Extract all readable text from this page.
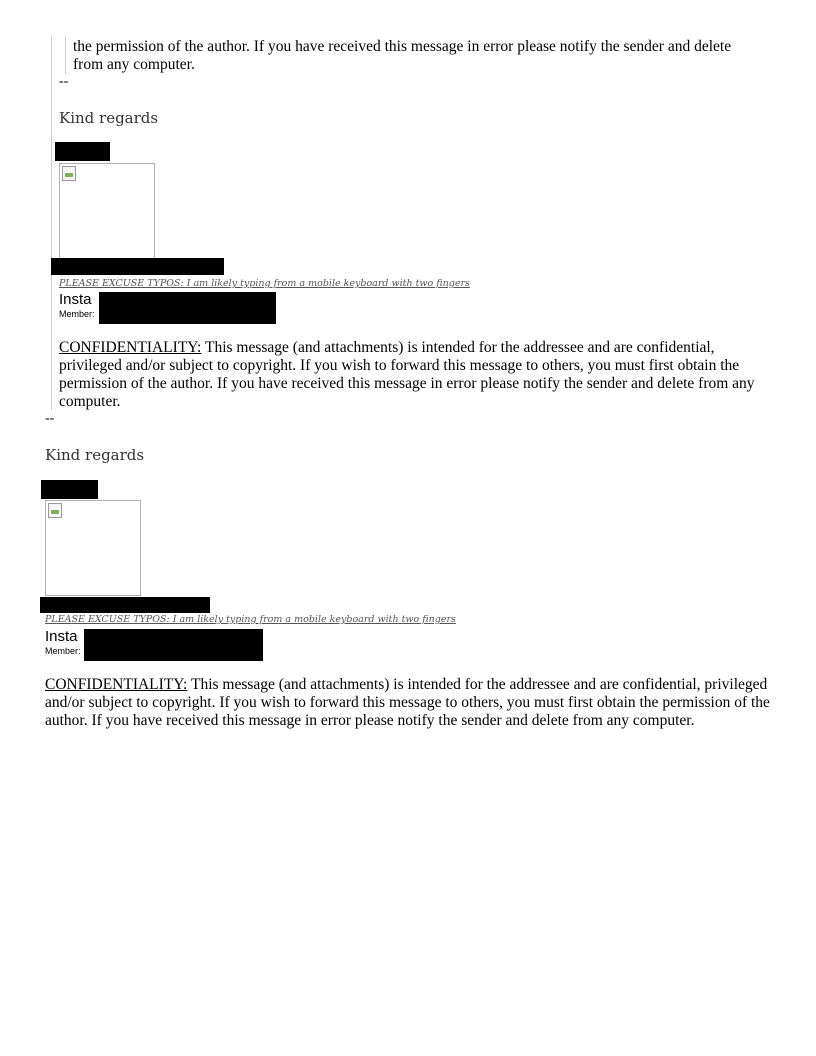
the permission of the author. If you have received this message in error please notify the sender and delete from any computer.
--
Kind regards
PLEASE EXCUSE TYPOS: I am likely typing from a mobile keyboard with two fingers
Insta
Member:
CONFIDENTIALITY: This message (and attachments) is intended for the addressee and are confidential, privileged and/or subject to copyright. If you wish to forward this message to others, you must first obtain the permission of the author. If you have received this message in error please notify the sender and delete from any computer.
--
Kind regards
PLEASE EXCUSE TYPOS: I am likely typing from a mobile keyboard with two fingers
Insta
Member:
CONFIDENTIALITY: This message (and attachments) is intended for the addressee and are confidential, privileged and/or subject to copyright. If you wish to forward this message to others, you must first obtain the permission of the author. If you have received this message in error please notify the sender and delete from any computer.
